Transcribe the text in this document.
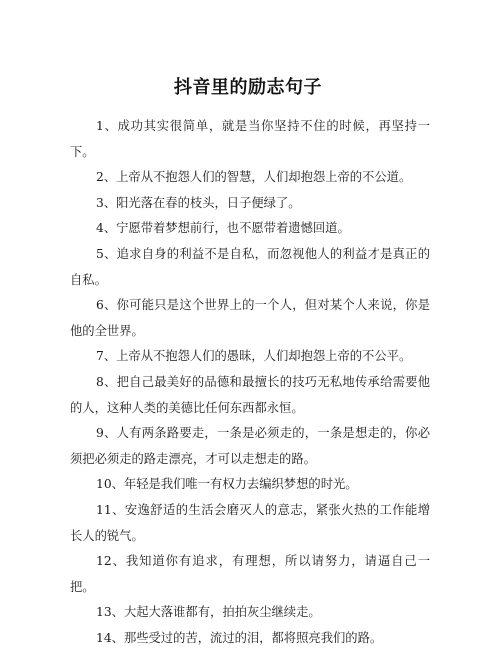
抖音里的励志句子

1、成功其实很简单，就是当你坚持不住的时候，再坚持一下。

2、上帝从不抱怨人们的智慧，人们却抱怨上帝的不公道。

3、阳光落在春的枝头，日子便绿了。

4、宁愿带着梦想前行，也不愿带着遗憾回道。

5、追求自身的利益不是自私，而忽视他人的利益才是真正的自私。

6、你可能只是这个世界上的一个人，但对某个人来说，你是他的全世界。

7、上帝从不抱怨人们的愚昧，人们却抱怨上帝的不公平。

8、把自己最美好的品德和最擅长的技巧无私地传承给需要他的人，这种人类的美德比任何东西都永恒。

9、人有两条路要走，一条是必须走的，一条是想走的，你必须把必须走的路走漂亮，才可以走想走的路。

10、年轻是我们唯一有权力去编织梦想的时光。

11、安逸舒适的生活会磨灭人的意志，紧张火热的工作能增长人的锐气。

12、我知道你有追求，有理想，所以请努力，请逼自己一把。

13、大起大落谁都有，拍拍灰尘继续走。

14、那些受过的苦，流过的泪，都将照亮我们的路。
